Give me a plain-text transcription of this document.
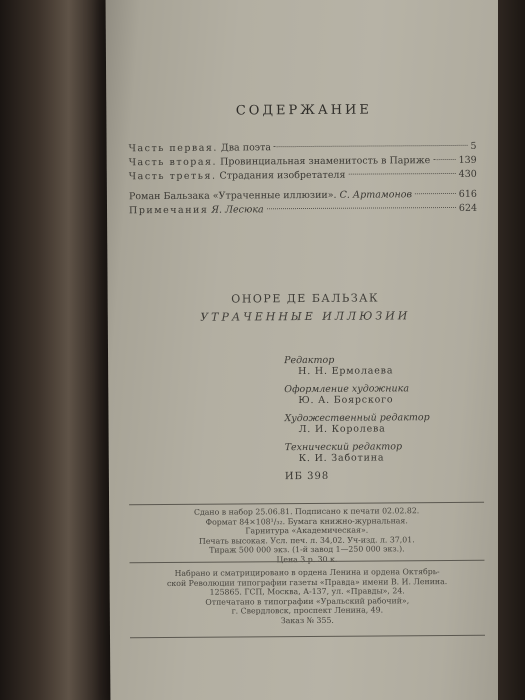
СОДЕРЖАНИЕ
Часть первая. Два поэта	5
Часть вторая. Провинциальная знаменитость в Париже	139
Часть третья. Страдания изобретателя	430
Роман Бальзака «Утраченные иллюзии». С. Артамонов	616
Примечания Я. Лесюка	624
ОНОРЕ ДЕ БАЛЬЗАК
УТРАЧЕННЫЕ ИЛЛЮЗИИ
Редактор
Н. Н. Ермолаева
Оформление художника
Ю. А. Боярского
Художественный редактор
Л. И. Королева
Технический редактор
К. И. Заботина
ИБ 398
Сдано в набор 25.06.81. Подписано к печати 02.02.82.
Формат 84×108¹/₃₂. Бумага книжно-журнальная.
Гарнитура «Академическая».
Печать высокая. Усл. печ. л. 34,02. Уч-изд. л. 37,01.
Тираж 500 000 экз. (1-й завод 1—250 000 экз.).
Цена 3 р. 30 к.
Набрано и сматрицировано в ордена Ленина и ордена Октябрь-
ской Революции типографии газеты «Правда» имени В. И. Ленина.
125865. ГСП, Москва, А-137, ул. «Правды», 24.
Отпечатано в типографии «Уральский рабочий»,
г. Свердловск, проспект Ленина, 49.
Заказ № 355.
